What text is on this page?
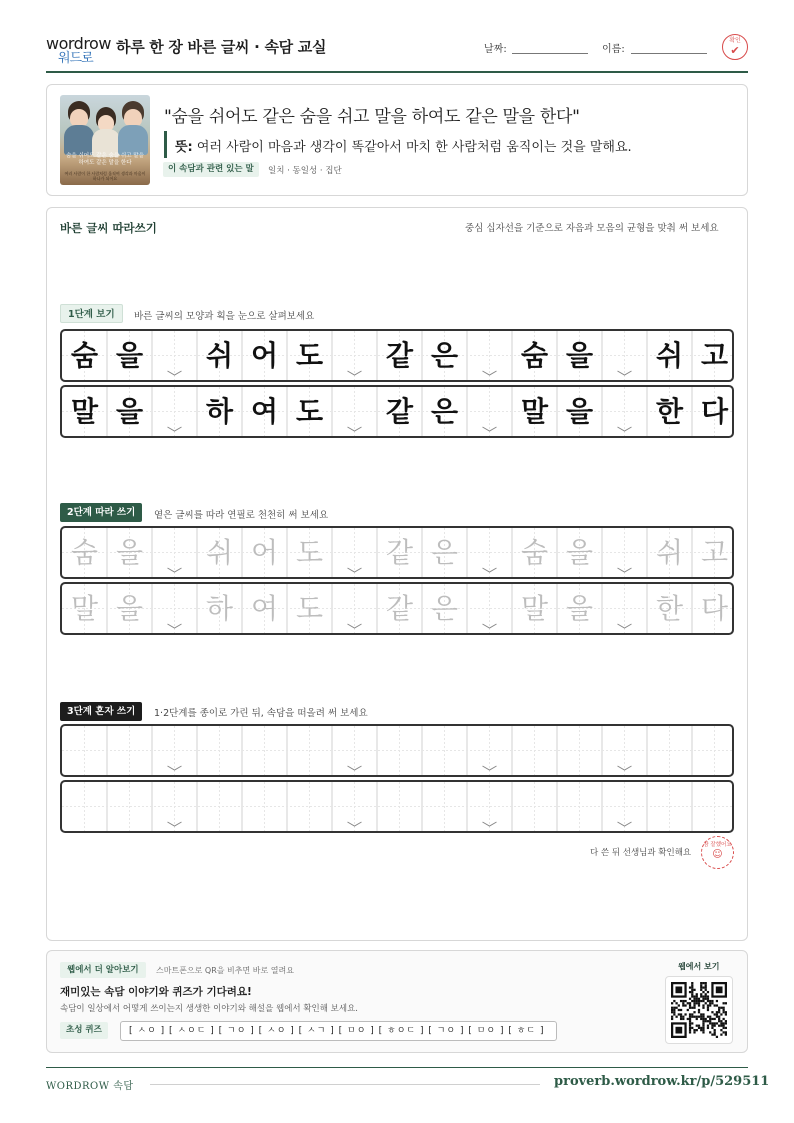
wordrow
워드로
하루 한 장 바른 글씨 · 속담 교실	날짜:	이름:
확인
✔
숨을 쉬어도 같은 숨을 쉬고 말을 하여도 같은 말을 한다
여러 사람이 한 사람처럼 움직여 생각과 마음이 하나가 되어요
"숨을 쉬어도 같은 숨을 쉬고 말을 하여도 같은 말을 한다"
뜻: 여러 사람이 마음과 생각이 똑같아서 마치 한 사람처럼 움직이는 것을 말해요.
이 속담과 관련 있는 말	일치 · 동일성 · 집단
바른 글씨 따라쓰기	중심 십자선을 기준으로 자음과 모음의 균형을 맞춰 써 보세요
1단계 보기	바른 글씨의 모양과 획을 눈으로 살펴보세요
숨 을	쉬 어 도	같 은	숨 을	쉬 고
말 을	하 여 도	같 은	말 을	한 다
2단계 따라 쓰기	옅은 글씨를 따라 연필로 천천히 써 보세요
숨 을	쉬 어 도	같 은	숨 을	쉬 고
말 을	하 여 도	같 은	말 을	한 다
3단계 혼자 쓰기	1·2단계를 종이로 가린 뒤, 속담을 떠올려 써 보세요
다 쓴 뒤 선생님과 확인해요
참 잘했어요
☺
웹에서 더 알아보기	스마트폰으로 QR을 비추면 바로 열려요
재미있는 속담 이야기와 퀴즈가 기다려요!
속담이 일상에서 어떻게 쓰이는지 생생한 이야기와 해설을 웹에서 확인해 보세요.
초성 퀴즈	[ ㅅㅇ ] [ ㅅㅇㄷ ] [ ㄱㅇ ] [ ㅅㅇ ] [ ㅅㄱ ] [ ㅁㅇ ] [ ㅎㅇㄷ ] [ ㄱㅇ ] [ ㅁㅇ ] [ ㅎㄷ ]
웹에서 보기
WORDROW 속담	proverb.wordrow.kr/p/529511
